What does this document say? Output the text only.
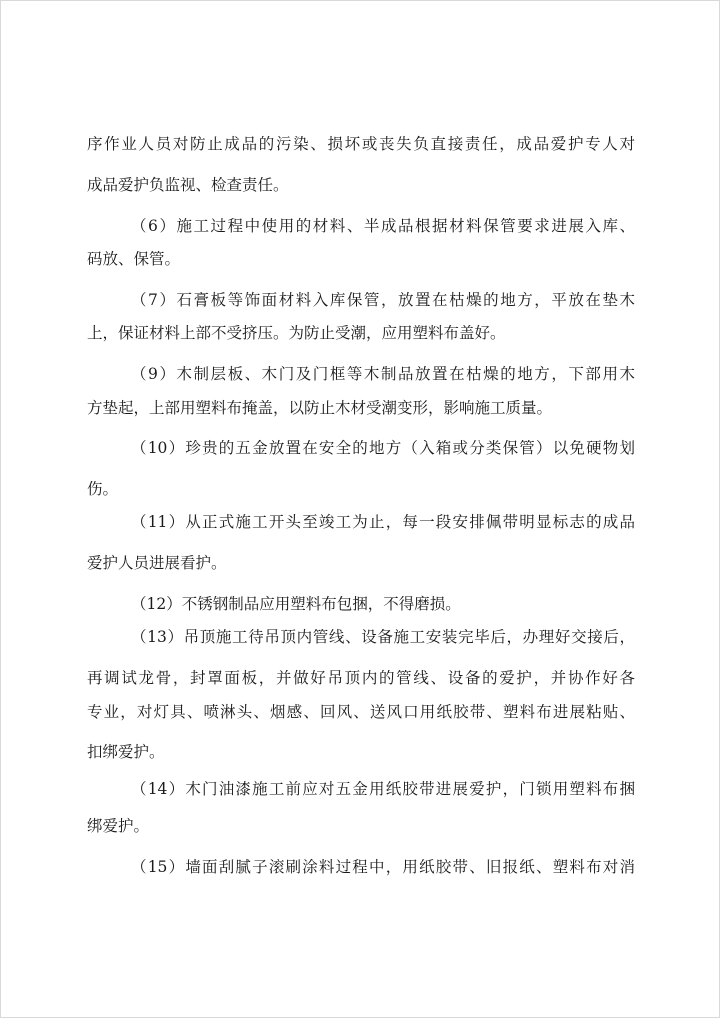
序作业人员对防止成品的污染、损坏或丧失负直接责任，成品爱护专人对
成品爱护负监视、检查责任。
（6）施工过程中使用的材料、半成品根据材料保管要求进展入库、
码放、保管。
（7）石膏板等饰面材料入库保管，放置在枯燥的地方，平放在垫木
上，保证材料上部不受挤压。为防止受潮，应用塑料布盖好。
（9）木制层板、木门及门框等木制品放置在枯燥的地方，下部用木
方垫起，上部用塑料布掩盖，以防止木材受潮变形，影响施工质量。
（10）珍贵的五金放置在安全的地方（入箱或分类保管）以免硬物划
伤。
（11）从正式施工开头至竣工为止，每一段安排佩带明显标志的成品
爱护人员进展看护。
（12）不锈钢制品应用塑料布包捆，不得磨损。
（13）吊顶施工待吊顶内管线、设备施工安装完毕后，办理好交接后，
再调试龙骨，封罩面板，并做好吊顶内的管线、设备的爱护，并协作好各
专业，对灯具、喷淋头、烟感、回风、送风口用纸胶带、塑料布进展粘贴、
扣绑爱护。
（14）木门油漆施工前应对五金用纸胶带进展爱护，门锁用塑料布捆
绑爱护。
（15）墙面刮腻子滚刷涂料过程中，用纸胶带、旧报纸、塑料布对消
